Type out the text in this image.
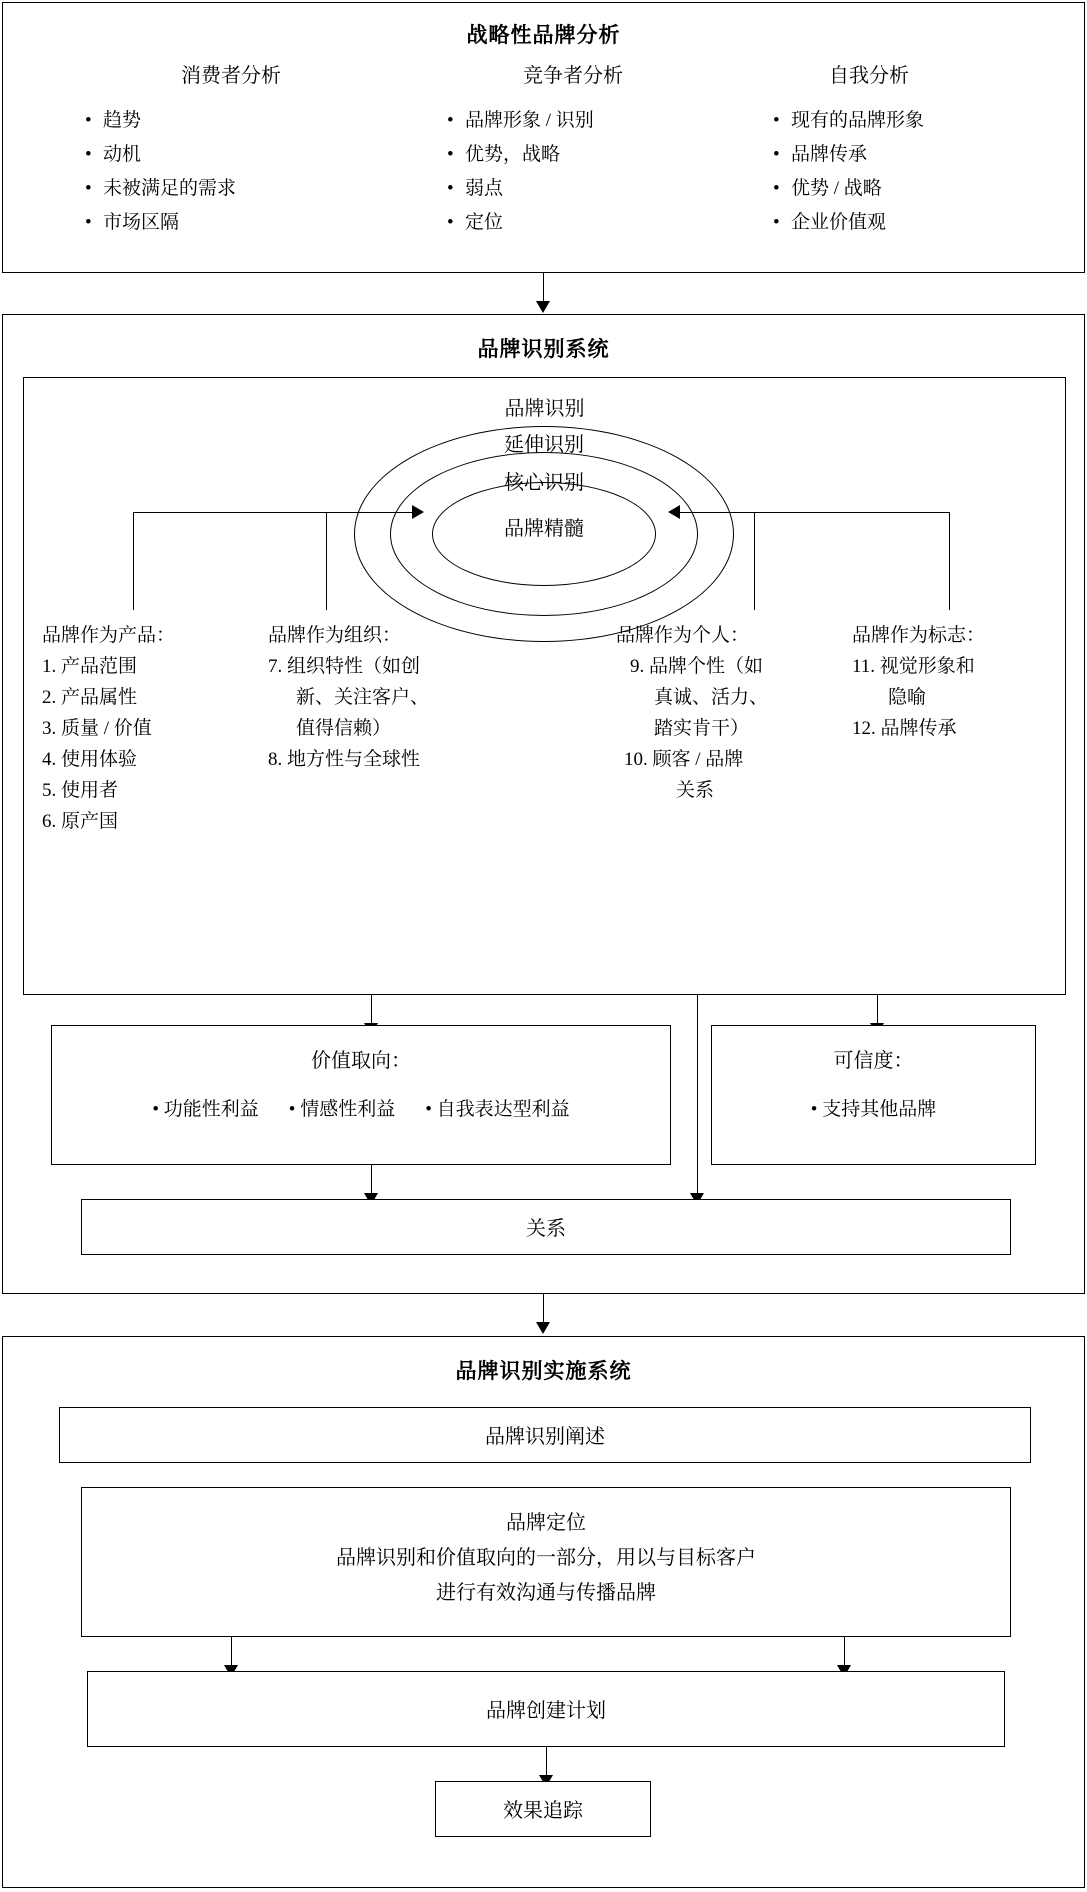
战略性品牌分析
消费者分析
• 趋势
• 动机
• 未被满足的需求
• 市场区隔
竞争者分析
• 品牌形象 / 识别
• 优势，战略
• 弱点
• 定位
自我分析
• 现有的品牌形象
• 品牌传承
• 优势 / 战略
• 企业价值观
品牌识别系统
品牌识别
延伸识别
核心识别
品牌精髓
品牌作为产品：
1. 产品范围
2. 产品属性
3. 质量 / 价值
4. 使用体验
5. 使用者
6. 原产国
品牌作为组织：
7. 组织特性（如创
新、关注客户、
值得信赖）
8. 地方性与全球性
品牌作为个人：
9. 品牌个性（如
真诚、活力、
踏实肯干）
10. 顾客 / 品牌
关系
品牌作为标志：
11. 视觉形象和
隐喻
12. 品牌传承
价值取向：
• 功能性利益 • 情感性利益 • 自我表达型利益
可信度：
• 支持其他品牌
关系
品牌识别实施系统
品牌识别阐述
品牌定位
品牌识别和价值取向的一部分，用以与目标客户
进行有效沟通与传播品牌
品牌创建计划
效果追踪
